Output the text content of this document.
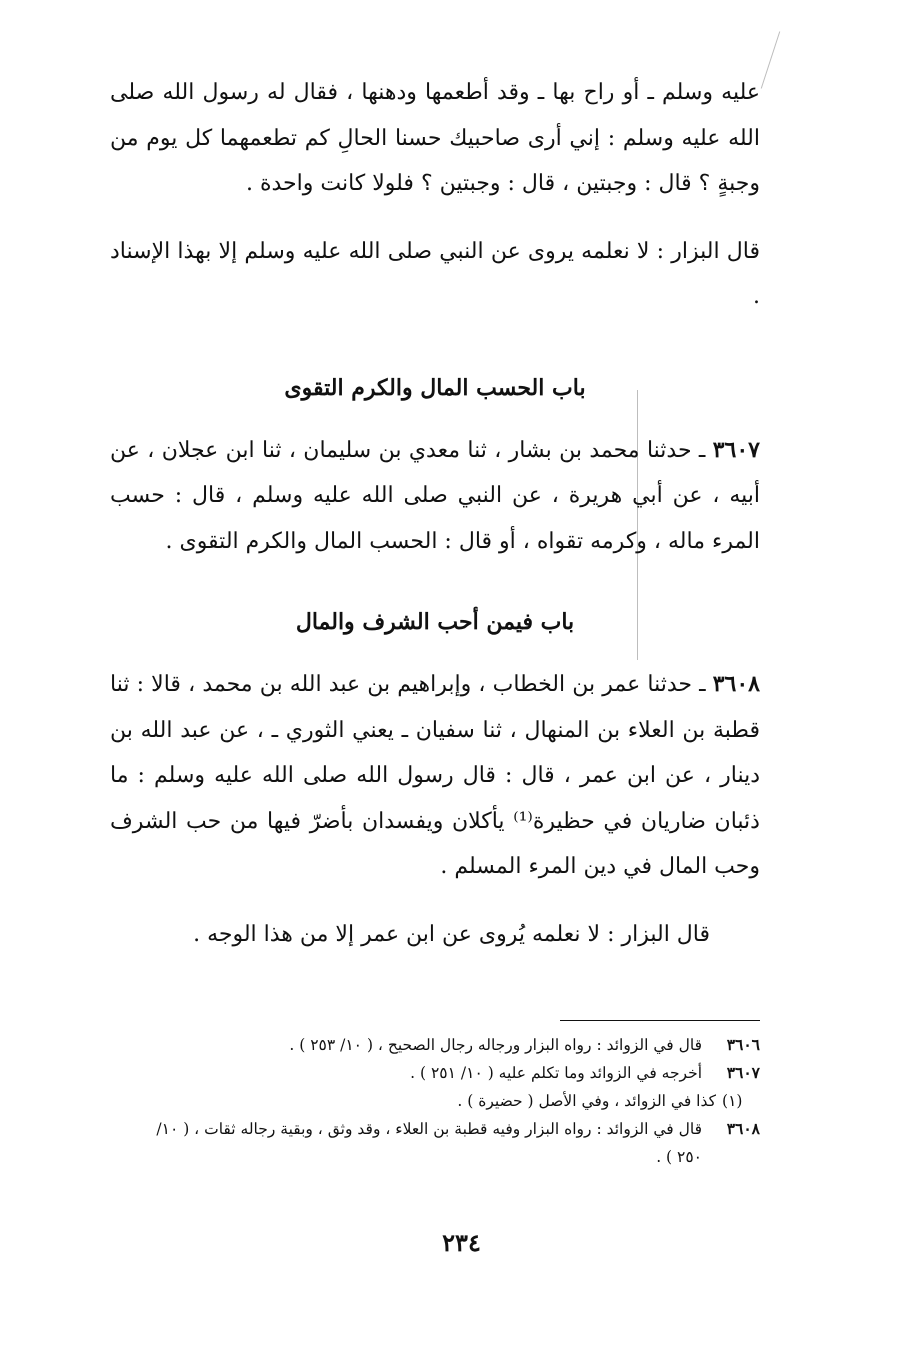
عليه وسلم ـ أو راح بها ـ وقد أطعمها ودهنها ، فقال له رسول الله صلى الله عليه وسلم : إني أرى صاحبيك حسنا الحالِ كم تطعمهما كل يوم من وجبةٍ ؟ قال : وجبتين ، قال : وجبتين ؟ فلولا كانت واحدة .

قال البزار : لا نعلمه يروى عن النبي صلى الله عليه وسلم إلا بهذا الإسناد .

باب الحسب المال والكرم التقوى

٣٦٠٧ ـ حدثنا محمد بن بشار ، ثنا معدي بن سليمان ، ثنا ابن عجلان ، عن أبيه ، عن أبي هريرة ، عن النبي صلى الله عليه وسلم ، قال : حسب المرء ماله ، وكرمه تقواه ، أو قال : الحسب المال والكرم التقوى .

باب فيمن أحب الشرف والمال

٣٦٠٨ ـ حدثنا عمر بن الخطاب ، وإبراهيم بن عبد الله بن محمد ، قالا : ثنا قطبة بن العلاء بن المنهال ، ثنا سفيان ـ يعني الثوري ـ ، عن عبد الله بن دينار ، عن ابن عمر ، قال : قال رسول الله صلى الله عليه وسلم : ما ذئبان ضاريان في حظيرة⁽¹⁾ يأكلان ويفسدان بأضرّ فيها من حب الشرف وحب المال في دين المرء المسلم .

قال البزار : لا نعلمه يُروى عن ابن عمر إلا من هذا الوجه .

٣٦٠٦
قال في الزوائد : رواه البزار ورجاله رجال الصحيح ، ( ١٠/ ٢٥٣ ) .
٣٦٠٧
أخرجه في الزوائد وما تكلم عليه ( ١٠/ ٢٥١ ) .
(١)
كذا في الزوائد ، وفي الأصل ( حضيرة ) .
٣٦٠٨
قال في الزوائد : رواه البزار وفيه قطبة بن العلاء ، وقد وثق ، وبقية رجاله ثقات ، ( ١٠/ ٢٥٠ ) .
٢٣٤
